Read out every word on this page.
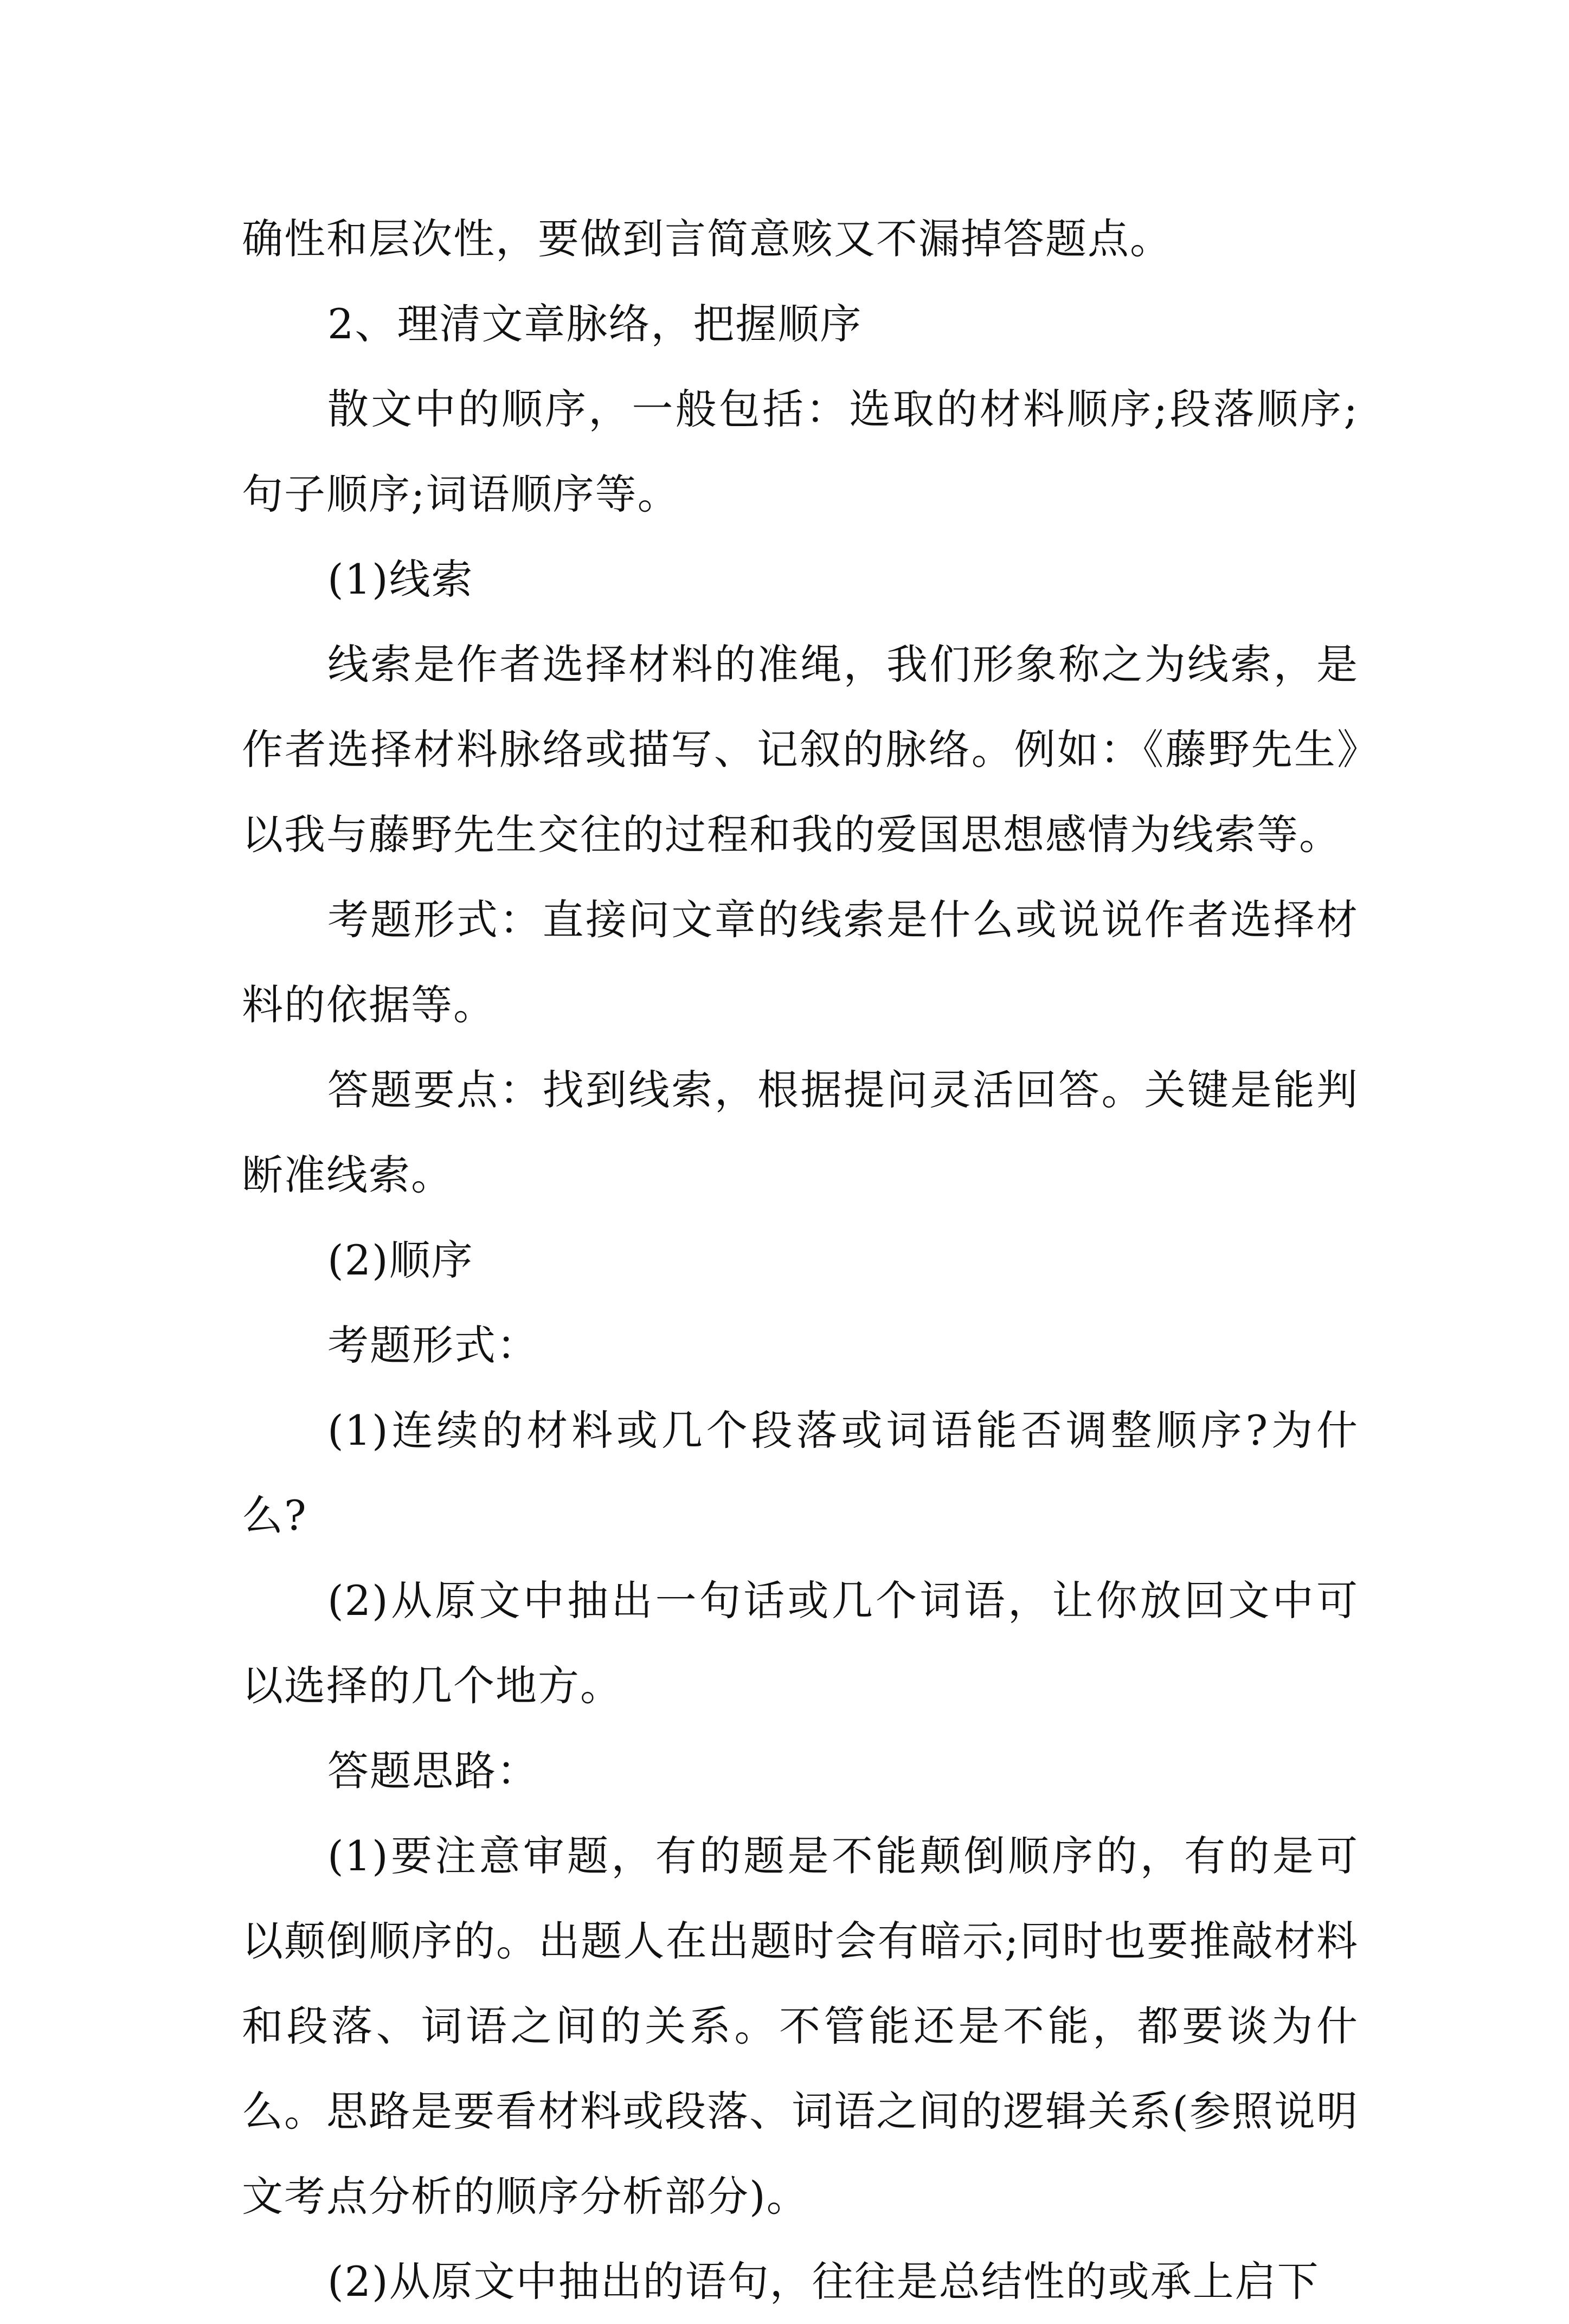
确性和层次性，要做到言简意赅又不漏掉答题点。

2、理清文章脉络，把握顺序

散文中的顺序，一般包括：选取的材料顺序;段落顺序;句子顺序;词语顺序等。

(1)线索

线索是作者选择材料的准绳，我们形象称之为线索，是作者选择材料脉络或描写、记叙的脉络。例如：《藤野先生》以我与藤野先生交往的过程和我的爱国思想感情为线索等。

考题形式：直接问文章的线索是什么或说说作者选择材料的依据等。

答题要点：找到线索，根据提问灵活回答。关键是能判断准线索。

(2)顺序

考题形式：

(1)连续的材料或几个段落或词语能否调整顺序?为什么?

(2)从原文中抽出一句话或几个词语，让你放回文中可以选择的几个地方。

答题思路：

(1)要注意审题，有的题是不能颠倒顺序的，有的是可以颠倒顺序的。出题人在出题时会有暗示;同时也要推敲材料和段落、词语之间的关系。不管能还是不能，都要谈为什么。思路是要看材料或段落、词语之间的逻辑关系(参照说明文考点分析的顺序分析部分)。

(2)从原文中抽出的语句，往往是总结性的或承上启下
